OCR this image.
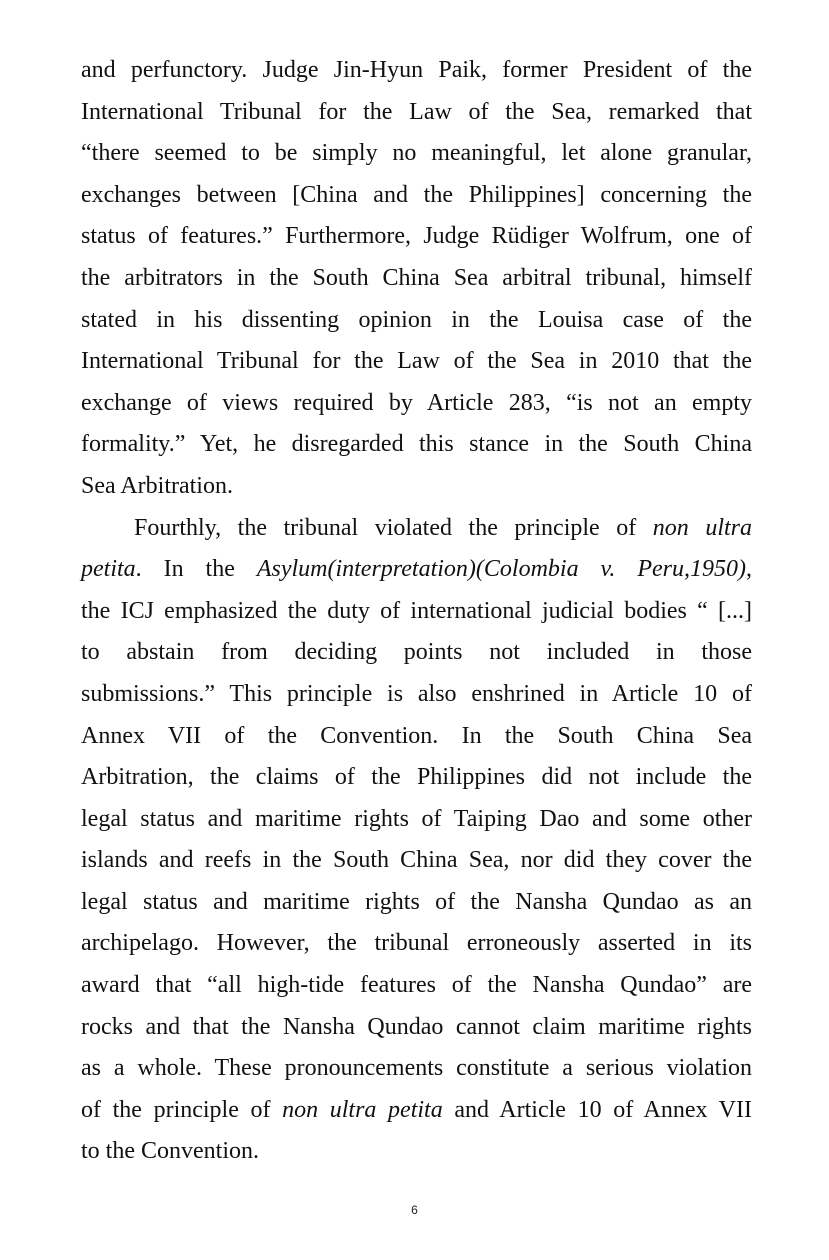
and perfunctory. Judge Jin-Hyun Paik, former President of the
International Tribunal for the Law of the Sea, remarked that
“there seemed to be simply no meaningful, let alone granular,
exchanges between [China and the Philippines] concerning the
status of features.” Furthermore, Judge Rüdiger Wolfrum, one of
the arbitrators in the South China Sea arbitral tribunal, himself
stated in his dissenting opinion in the Louisa case of the
International Tribunal for the Law of the Sea in 2010 that the
exchange of views required by Article 283, “is not an empty
formality.” Yet, he disregarded this stance in the South China
Sea Arbitration.
Fourthly, the tribunal violated the principle of non ultra
petita. In the Asylum(interpretation)(Colombia v. Peru,1950),
the ICJ emphasized the duty of international judicial bodies “ [...]
to abstain from deciding points not included in those
submissions.” This principle is also enshrined in Article 10 of
Annex VII of the Convention. In the South China Sea
Arbitration, the claims of the Philippines did not include the
legal status and maritime rights of Taiping Dao and some other
islands and reefs in the South China Sea, nor did they cover the
legal status and maritime rights of the Nansha Qundao as an
archipelago. However, the tribunal erroneously asserted in its
award that “all high-tide features of the Nansha Qundao” are
rocks and that the Nansha Qundao cannot claim maritime rights
as a whole. These pronouncements constitute a serious violation
of the principle of non ultra petita and Article 10 of Annex VII
to the Convention.
6
